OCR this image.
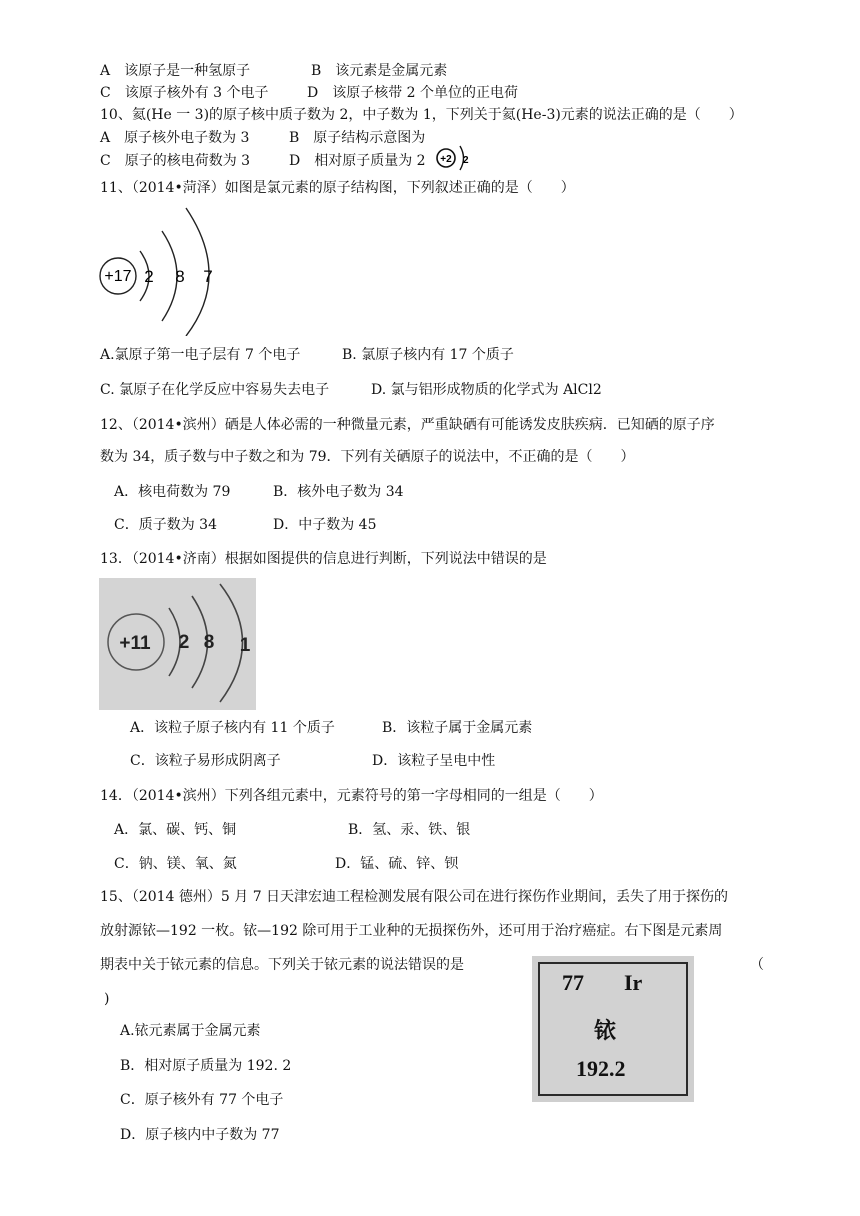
A　该原子是一种氢原子	B　该元素是金属元素
C　该原子核外有 3 个电子	D　该原子核带 2 个单位的正电荷
10、氦(He 一 3)的原子核中质子数为 2，中子数为 1，下列关于氦(He-3)元素的说法正确的是（　　）
A　原子核外电子数为 3	B　原子结构示意图为
C　原子的核电荷数为 3	D　相对原子质量为 2 +2 2
11、（2014•菏泽）如图是氯元素的原子结构图，下列叙述正确的是（　　）
+17 2 8 7
A.氯原子第一电子层有 7 个电子	B. 氯原子核内有 17 个质子
C. 氯原子在化学反应中容易失去电子	D. 氯与铝形成物质的化学式为 AlCl2
12、（2014•滨州）硒是人体必需的一种微量元素，严重缺硒有可能诱发皮肤疾病．已知硒的原子序
数为 34，质子数与中子数之和为 79．下列有关硒原子的说法中，不正确的是（　　）
A．核电荷数为 79	B．核外电子数为 34
C．质子数为 34	D．中子数为 45
13．（2014•济南）根据如图提供的信息进行判断，下列说法中错误的是
+11 2 8 1
A．该粒子原子核内有 11 个质子	B．该粒子属于金属元素
C．该粒子易形成阴离子	D．该粒子呈电中性
14．（2014•滨州）下列各组元素中，元素符号的第一字母相同的一组是（　　）
A．氯、碳、钙、铜	B．氢、汞、铁、银
C．钠、镁、氧、氮	D．锰、硫、锌、钡
15、（2014 德州）5 月 7 日天津宏迪工程检测发展有限公司在进行探伤作业期间，丢失了用于探伤的
放射源铱—192 一枚。铱—192 除可用于工业种的无损探伤外，还可用于治疗癌症。右下图是元素周
期表中关于铱元素的信息。下列关于铱元素的说法错误的是	（
)
77 Ir
铱
192.2
A.铱元素属于金属元素
B．相对原子质量为 192. 2
C．原子核外有 77 个电子
D．原子核内中子数为 77
